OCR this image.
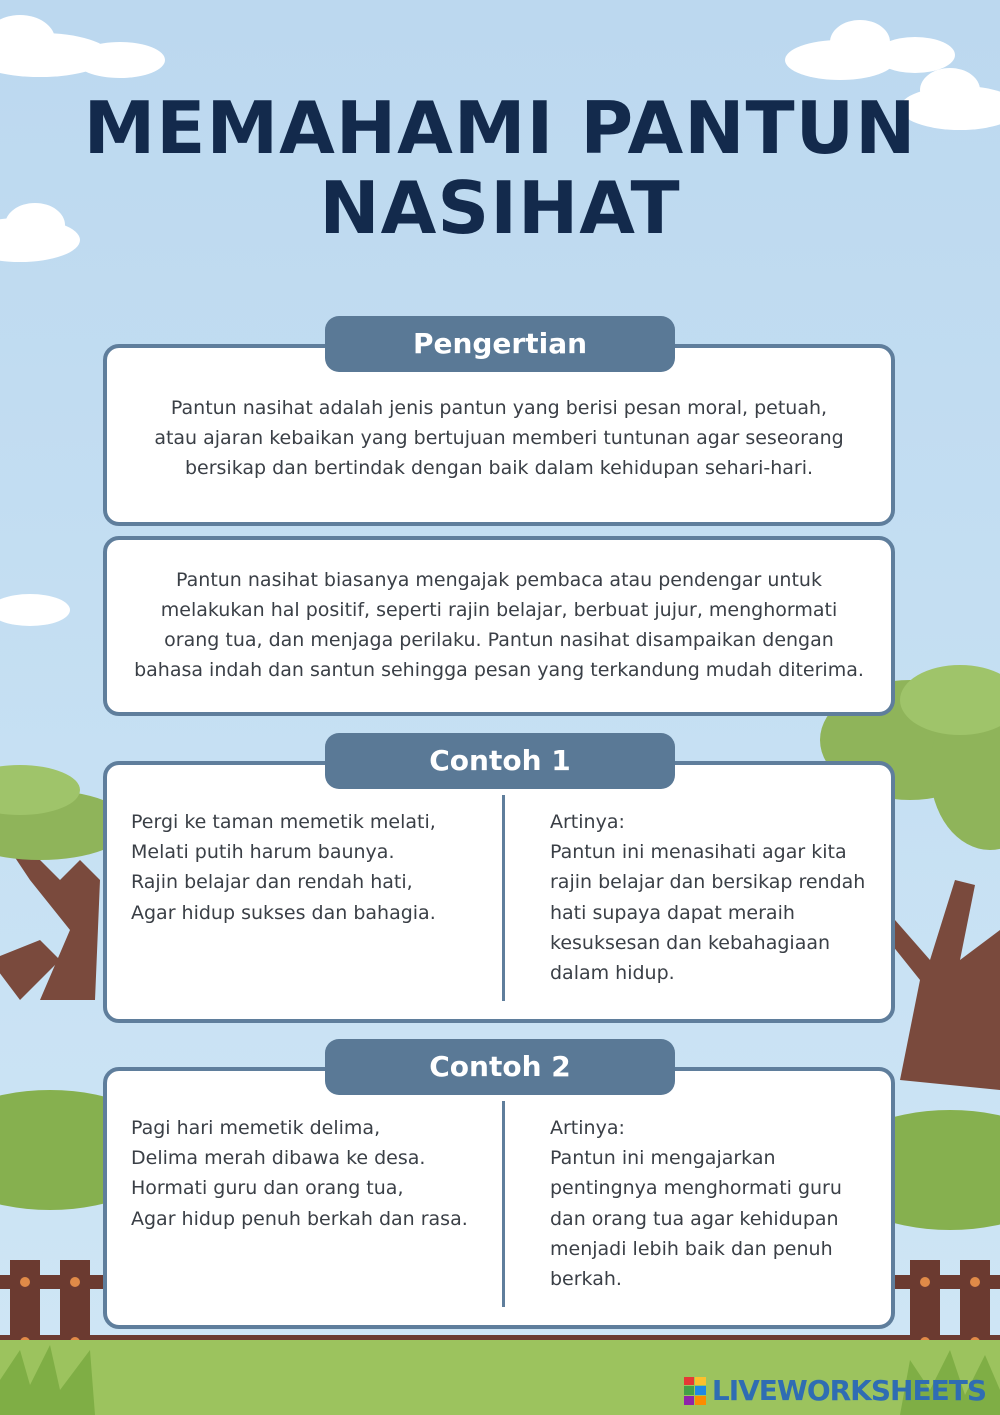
MEMAHAMI PANTUN
NASIHAT

Pantun nasihat adalah jenis pantun yang berisi pesan moral, petuah,

atau ajaran kebaikan yang bertujuan memberi tuntunan agar seseorang

bersikap dan bertindak dengan baik dalam kehidupan sehari-hari.

Pengertian

Pantun nasihat biasanya mengajak pembaca atau pendengar untuk

melakukan hal positif, seperti rajin belajar, berbuat jujur, menghormati

orang tua, dan menjaga perilaku. Pantun nasihat disampaikan dengan

bahasa indah dan santun sehingga pesan yang terkandung mudah diterima.

Pergi ke taman memetik melati,
Melati putih harum baunya.
Rajin belajar dan rendah hati,
Agar hidup sukses dan bahagia.
Artinya:
Pantun ini menasihati agar kita
rajin belajar dan bersikap rendah
hati supaya dapat meraih
kesuksesan dan kebahagiaan
dalam hidup.
Contoh 1
Pagi hari memetik delima,
Delima merah dibawa ke desa.
Hormati guru dan orang tua,
Agar hidup penuh berkah dan rasa.
Artinya:
Pantun ini mengajarkan
pentingnya menghormati guru
dan orang tua agar kehidupan
menjadi lebih baik dan penuh
berkah.
Contoh 2
LIVEWORKSHEETS
